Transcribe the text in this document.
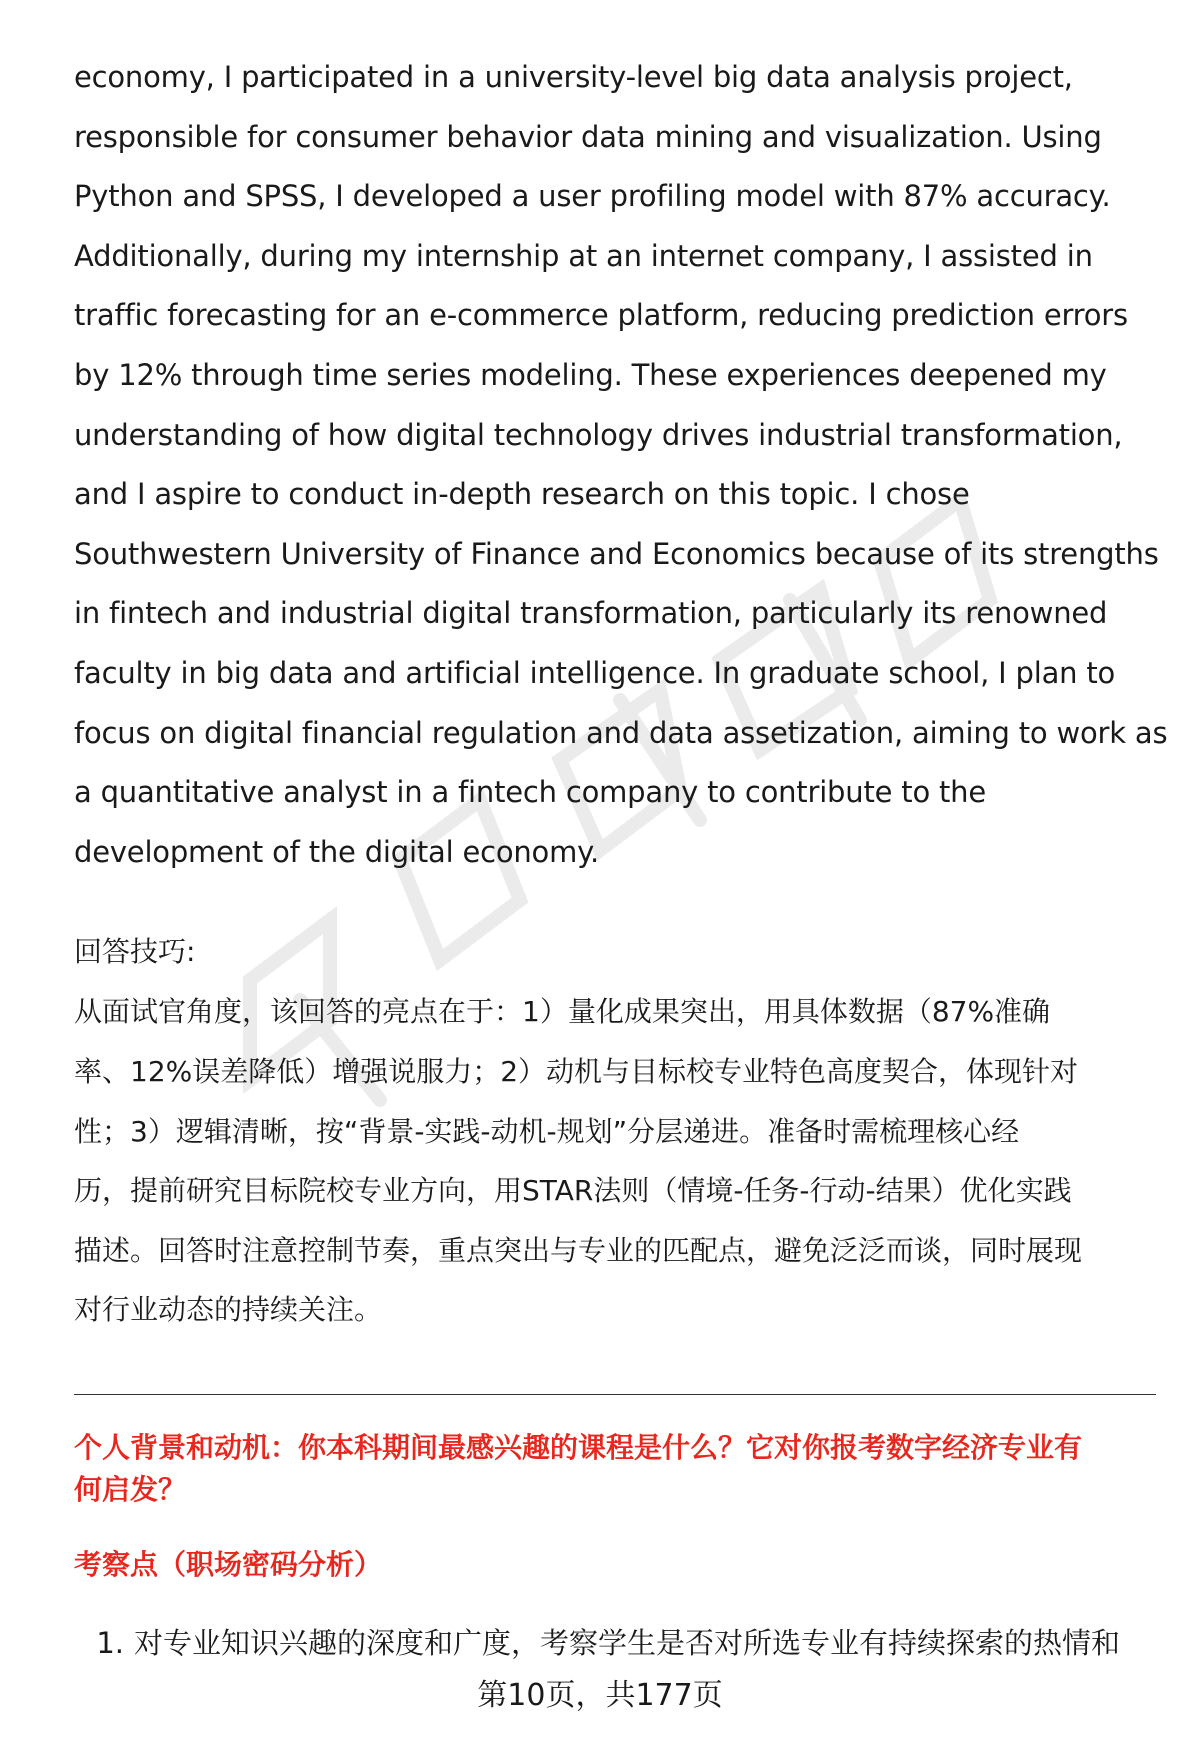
economy, I participated in a university-level big data analysis project,
responsible for consumer behavior data mining and visualization. Using
Python and SPSS, I developed a user profiling model with 87% accuracy.
Additionally, during my internship at an internet company, I assisted in
traffic forecasting for an e-commerce platform, reducing prediction errors
by 12% through time series modeling. These experiences deepened my
understanding of how digital technology drives industrial transformation,
and I aspire to conduct in-depth research on this topic. I chose
Southwestern University of Finance and Economics because of its strengths
in fintech and industrial digital transformation, particularly its renowned
faculty in big data and artificial intelligence. In graduate school, I plan to
focus on digital financial regulation and data assetization, aiming to work as
a quantitative analyst in a fintech company to contribute to the
development of the digital economy.

回答技巧:

从面试官角度，该回答的亮点在于：1）量化成果突出，用具体数据（87%准确
率、12%误差降低）增强说服力；2）动机与目标校专业特色高度契合，体现针对
性；3）逻辑清晰，按“背景-实践-动机-规划”分层递进。准备时需梳理核心经
历，提前研究目标院校专业方向，用STAR法则（情境-任务-行动-结果）优化实践
描述。回答时注意控制节奏，重点突出与专业的匹配点，避免泛泛而谈，同时展现
对行业动态的持续关注。
个人背景和动机：你本科期间最感兴趣的课程是什么？它对你报考数字经济专业有
何启发？

考察点（职场密码分析）

1. 对专业知识兴趣的深度和广度，考察学生是否对所选专业有持续探索的热情和
第10页，共177页
